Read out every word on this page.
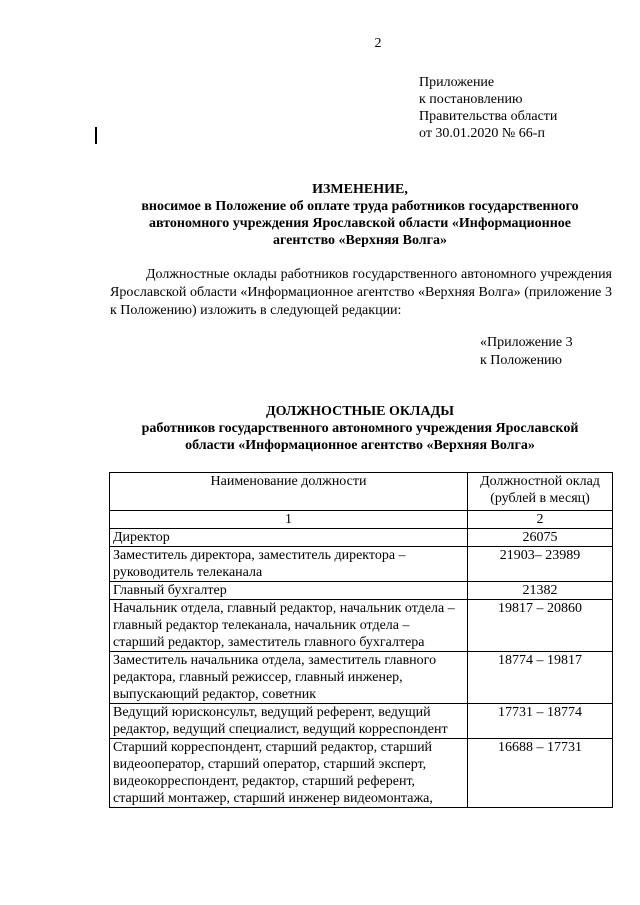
2
Приложение
к постановлению
Правительства области
от 30.01.2020 № 66-п
ИЗМЕНЕНИЕ,
вносимое в Положение об оплате труда работников государственного
автономного учреждения Ярославской области «Информационное
агентство «Верхняя Волга»
Должностные оклады работников государственного автономного учреждения Ярославской области «Информационное агентство «Верхняя Волга» (приложение 3 к Положению) изложить в следующей редакции:
«Приложение 3
к Положению
ДОЛЖНОСТНЫЕ ОКЛАДЫ
работников государственного автономного учреждения Ярославской
области «Информационное агентство «Верхняя Волга»
Наименование должности	Должностной оклад (рублей в месяц)
1	2
Директор	26075
Заместитель директора, заместитель директора – руководитель телеканала	21903– 23989
Главный бухгалтер	21382
Начальник отдела, главный редактор, начальник отдела – главный редактор телеканала, начальник отдела – старший редактор, заместитель главного бухгалтера	19817 – 20860
Заместитель начальника отдела, заместитель главного редактора, главный режиссер, главный инженер, выпускающий редактор, советник	18774 – 19817
Ведущий юрисконсульт, ведущий референт, ведущий редактор, ведущий специалист, ведущий корреспондент	17731 – 18774
Старший корреспондент, старший редактор, старший видеооператор, старший оператор, старший эксперт, видеокорреспондент, редактор, старший референт, старший монтажер, старший инженер видеомонтажа,	16688 – 17731
